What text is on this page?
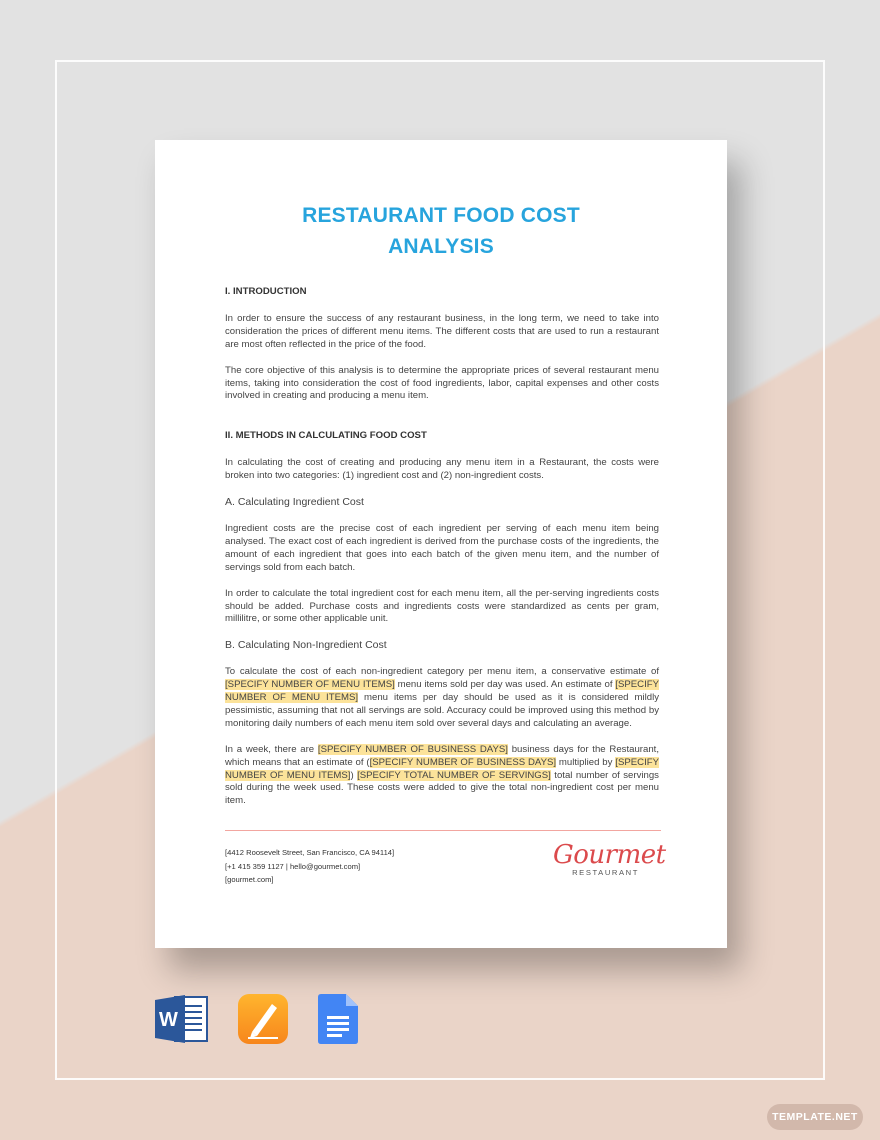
RESTAURANT FOOD COST
ANALYSIS
I. INTRODUCTION
In order to ensure the success of any restaurant business, in the long term, we need to take into consideration the prices of different menu items. The different costs that are used to run a restaurant are most often reflected in the price of the food.
The core objective of this analysis is to determine the appropriate prices of several restaurant menu items, taking into consideration the cost of food ingredients, labor, capital expenses and other costs involved in creating and producing a menu item.
II. METHODS IN CALCULATING FOOD COST
In calculating the cost of creating and producing any menu item in a Restaurant, the costs were broken into two categories: (1) ingredient cost and (2) non-ingredient costs.
A. Calculating Ingredient Cost
Ingredient costs are the precise cost of each ingredient per serving of each menu item being analysed. The exact cost of each ingredient is derived from the purchase costs of the ingredients, the amount of each ingredient that goes into each batch of the given menu item, and the number of servings sold from each batch.
In order to calculate the total ingredient cost for each menu item, all the per-serving ingredients costs should be added. Purchase costs and ingredients costs were standardized as cents per gram, millilitre, or some other applicable unit.
B. Calculating Non-Ingredient Cost
To calculate the cost of each non-ingredient category per menu item, a conservative estimate of [SPECIFY NUMBER OF MENU ITEMS] menu items sold per day was used. An estimate of [SPECIFY NUMBER OF MENU ITEMS] menu items per day should be used as it is considered mildly pessimistic, assuming that not all servings are sold. Accuracy could be improved using this method by monitoring daily numbers of each menu item sold over several days and calculating an average.
In a week, there are [SPECIFY NUMBER OF BUSINESS DAYS] business days for the Restaurant, which means that an estimate of ([SPECIFY NUMBER OF BUSINESS DAYS] multiplied by [SPECIFY NUMBER OF MENU ITEMS]) [SPECIFY TOTAL NUMBER OF SERVINGS] total number of servings sold during the week used. These costs were added to give the total non-ingredient cost per menu item.
[4412 Roosevelt Street, San Francisco, CA 94114]
[+1 415 359 1127 | hello@gourmet.com]
[gourmet.com]
Gourmet
RESTAURANT
W
TEMPLATE.NET
